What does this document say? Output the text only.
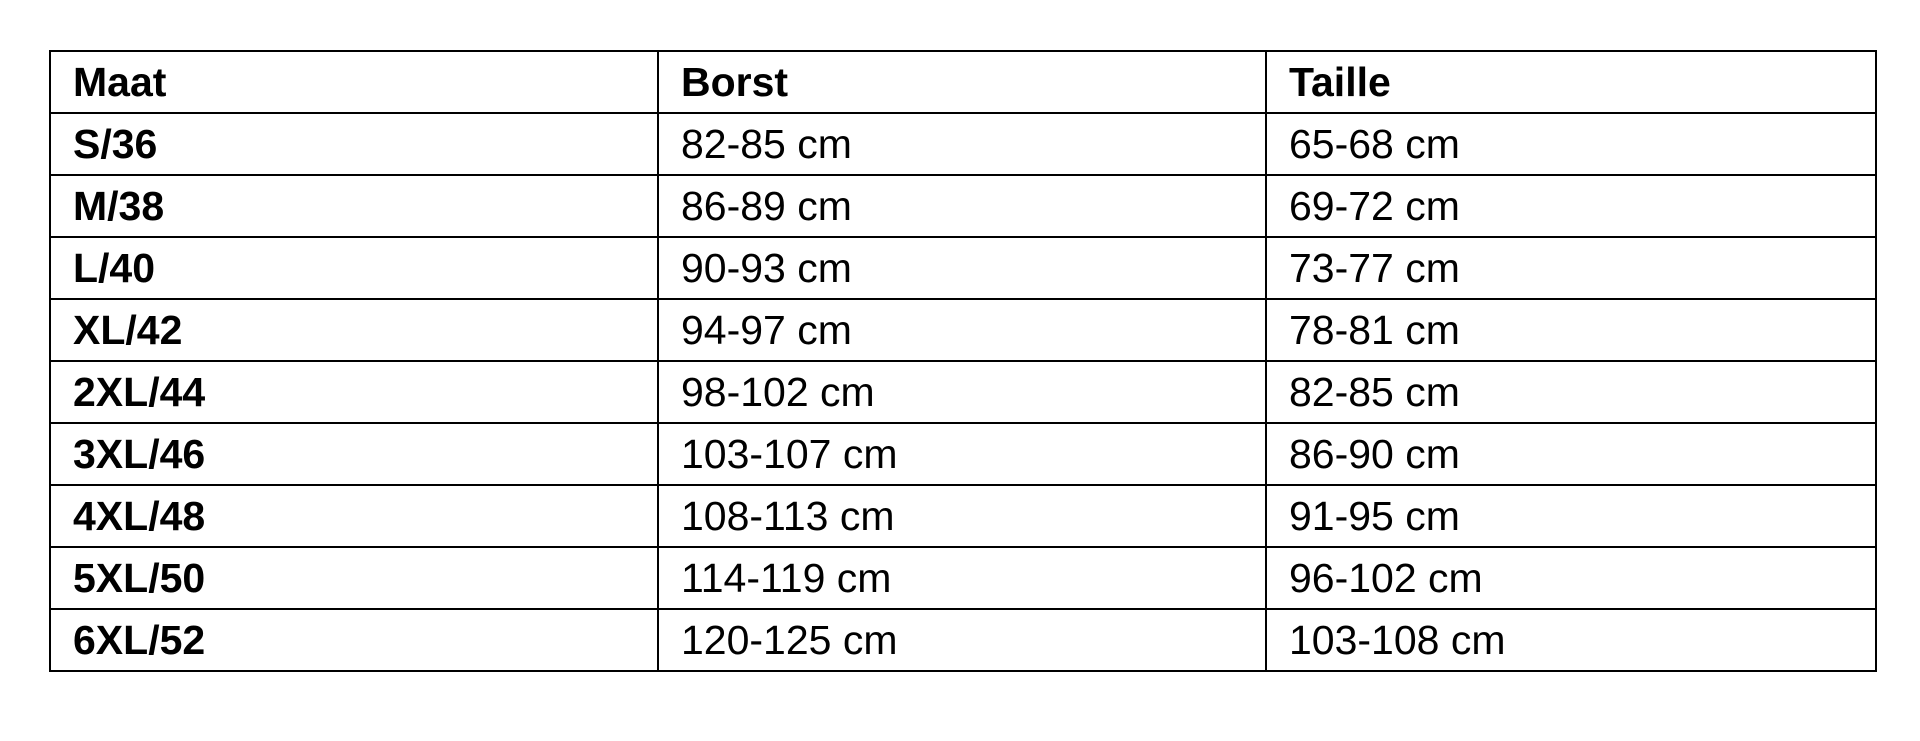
Maat	Borst	Taille
S/36	82-85 cm	65-68 cm
M/38	86-89 cm	69-72 cm
L/40	90-93 cm	73-77 cm
XL/42	94-97 cm	78-81 cm
2XL/44	98-102 cm	82-85 cm
3XL/46	103-107 cm	86-90 cm
4XL/48	108-113 cm	91-95 cm
5XL/50	114-119 cm	96-102 cm
6XL/52	120-125 cm	103-108 cm
